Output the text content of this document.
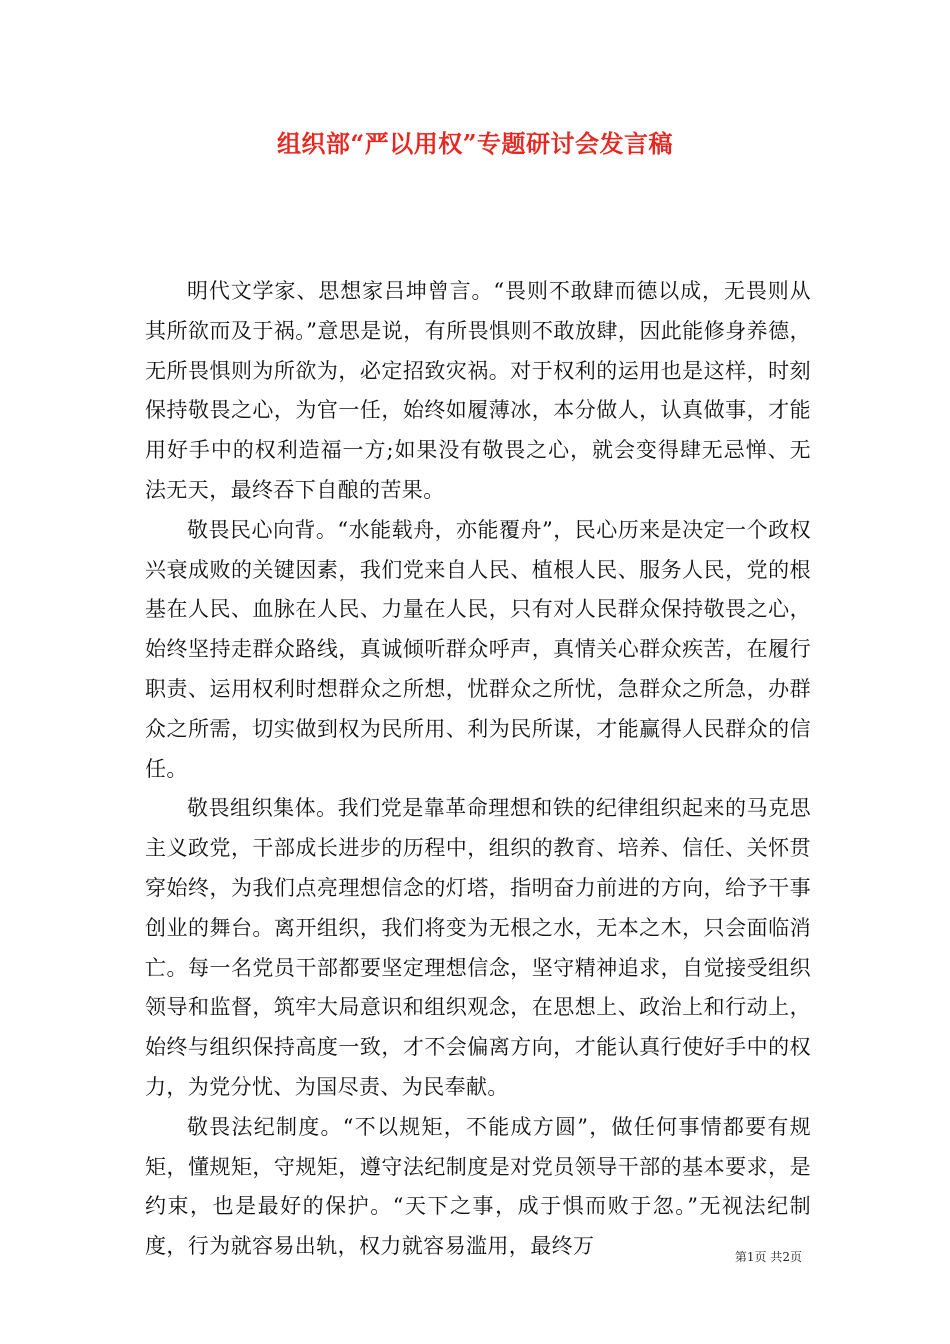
组织部“严以用权”专题研讨会发言稿

明代文学家、思想家吕坤曾言。“畏则不敢肆而德以成，无畏则从其所欲而及于祸。”意思是说，有所畏惧则不敢放肆，因此能修身养德，无所畏惧则为所欲为，必定招致灾祸。对于权利的运用也是这样，时刻保持敬畏之心，为官一任，始终如履薄冰，本分做人，认真做事，才能用好手中的权利造福一方;如果没有敬畏之心，就会变得肆无忌惮、无法无天，最终吞下自酿的苦果。

敬畏民心向背。“水能载舟，亦能覆舟”，民心历来是决定一个政权兴衰成败的关键因素，我们党来自人民、植根人民、服务人民，党的根基在人民、血脉在人民、力量在人民，只有对人民群众保持敬畏之心，始终坚持走群众路线，真诚倾听群众呼声，真情关心群众疾苦，在履行职责、运用权利时想群众之所想，忧群众之所忧，急群众之所急，办群众之所需，切实做到权为民所用、利为民所谋，才能赢得人民群众的信任。

敬畏组织集体。我们党是靠革命理想和铁的纪律组织起来的马克思主义政党，干部成长进步的历程中，组织的教育、培养、信任、关怀贯穿始终，为我们点亮理想信念的灯塔，指明奋力前进的方向，给予干事创业的舞台。离开组织，我们将变为无根之水，无本之木，只会面临消亡。每一名党员干部都要坚定理想信念，坚守精神追求，自觉接受组织领导和监督，筑牢大局意识和组织观念，在思想上、政治上和行动上，始终与组织保持高度一致，才不会偏离方向，才能认真行使好手中的权力，为党分忧、为国尽责、为民奉献。

敬畏法纪制度。“不以规矩，不能成方圆”，做任何事情都要有规矩，懂规矩，守规矩，遵守法纪制度是对党员领导干部的基本要求，是约束，也是最好的保护。“天下之事，成于惧而败于忽。”无视法纪制度，行为就容易出轨，权力就容易滥用，最终万	第1页 共2页
